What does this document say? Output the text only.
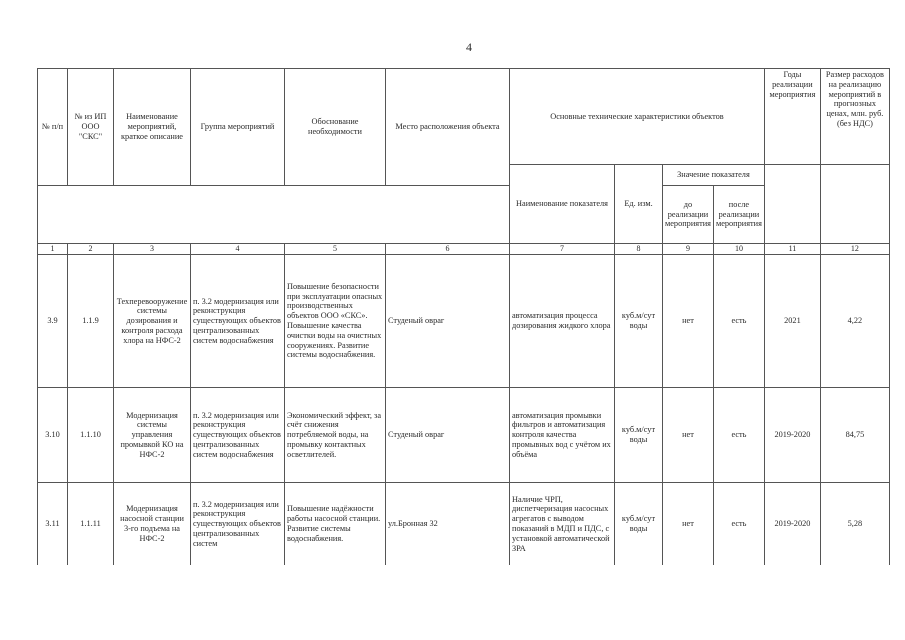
4
№ п/п	№ из ИП ООО "СКС"	Наименование мероприятий, краткое описание	Группа мероприятий	Обоснование необходимости	Место расположения объекта	Основные технические характеристики объектов				Годы реализации мероприятия	Размер расходов на реализацию мероприятий в прогнозных ценах, млн. руб. (без НДС)
						Наименование показателя	Ед. изм.	Значение показателя			
								до реализации мероприятия	после реализации мероприятия		
1	2	3	4	5	6	7	8	9	10	11	12
3.9	1.1.9	Техперевооружение системы дозирования и контроля расхода хлора на НФС-2	п. 3.2 модернизация или реконструкция существующих объектов централизованных систем водоснабжения	Повышение безопасности при эксплуатации опасных производственных объектов ООО «СКС». Повышение качества очистки воды на очистных сооружениях. Развитие системы водоснабжения.	Студеный овраг	автоматизация процесса дозирования жидкого хлора	куб.м/сут воды	нет	есть	2021	4,22
3.10	1.1.10	Модернизация системы управления промывкой КО на НФС-2	п. 3.2 модернизация или реконструкция существующих объектов централизованных систем водоснабжения	Экономический эффект, за счёт снижения потребляемой воды, на промывку контактных осветлителей.	Студеный овраг	автоматизация промывки фильтров и автоматизация контроля качества промывных вод с учётом их объёма	куб.м/сут воды	нет	есть	2019-2020	84,75
3.11	1.1.11	Модернизация насосной станции 3-го подъема на НФС-2	п. 3.2 модернизация или реконструкция существующих объектов централизованных систем	Повышение надёжности работы насосной станции. Развитие системы водоснабжения.	ул.Бронная 32	Наличие ЧРП, диспетчеризация насосных агрегатов с выводом показаний в МДП и ПДС, с установкой автоматической ЗРА	куб.м/сут воды	нет	есть	2019-2020	5,28
